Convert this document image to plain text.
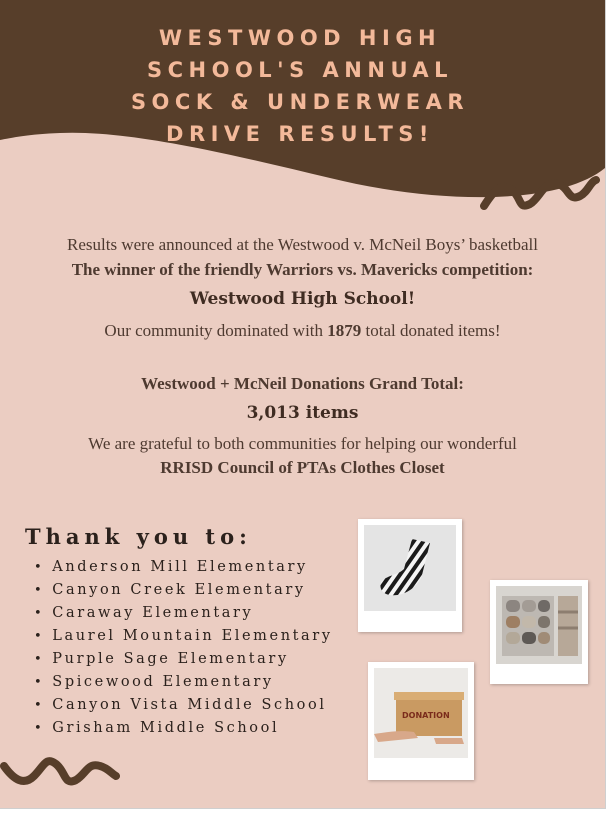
WESTWOOD HIGH
SCHOOL'S ANNUAL
SOCK & UNDERWEAR
DRIVE RESULTS!
Results were announced at the Westwood v. McNeil Boys’ basketball
The winner of the friendly Warriors vs. Mavericks competition:
Westwood High School!
Our community dominated with 1879 total donated items!
Westwood + McNeil Donations Grand Total:
3,013 items
We are grateful to both communities for helping our wonderful
RRISD Council of PTAs Clothes Closet
Thank you to:
• Anderson Mill Elementary
• Canyon Creek Elementary
• Caraway Elementary
• Laurel Mountain Elementary
• Purple Sage Elementary
• Spicewood Elementary
• Canyon Vista Middle School
• Grisham Middle School
DONATION
